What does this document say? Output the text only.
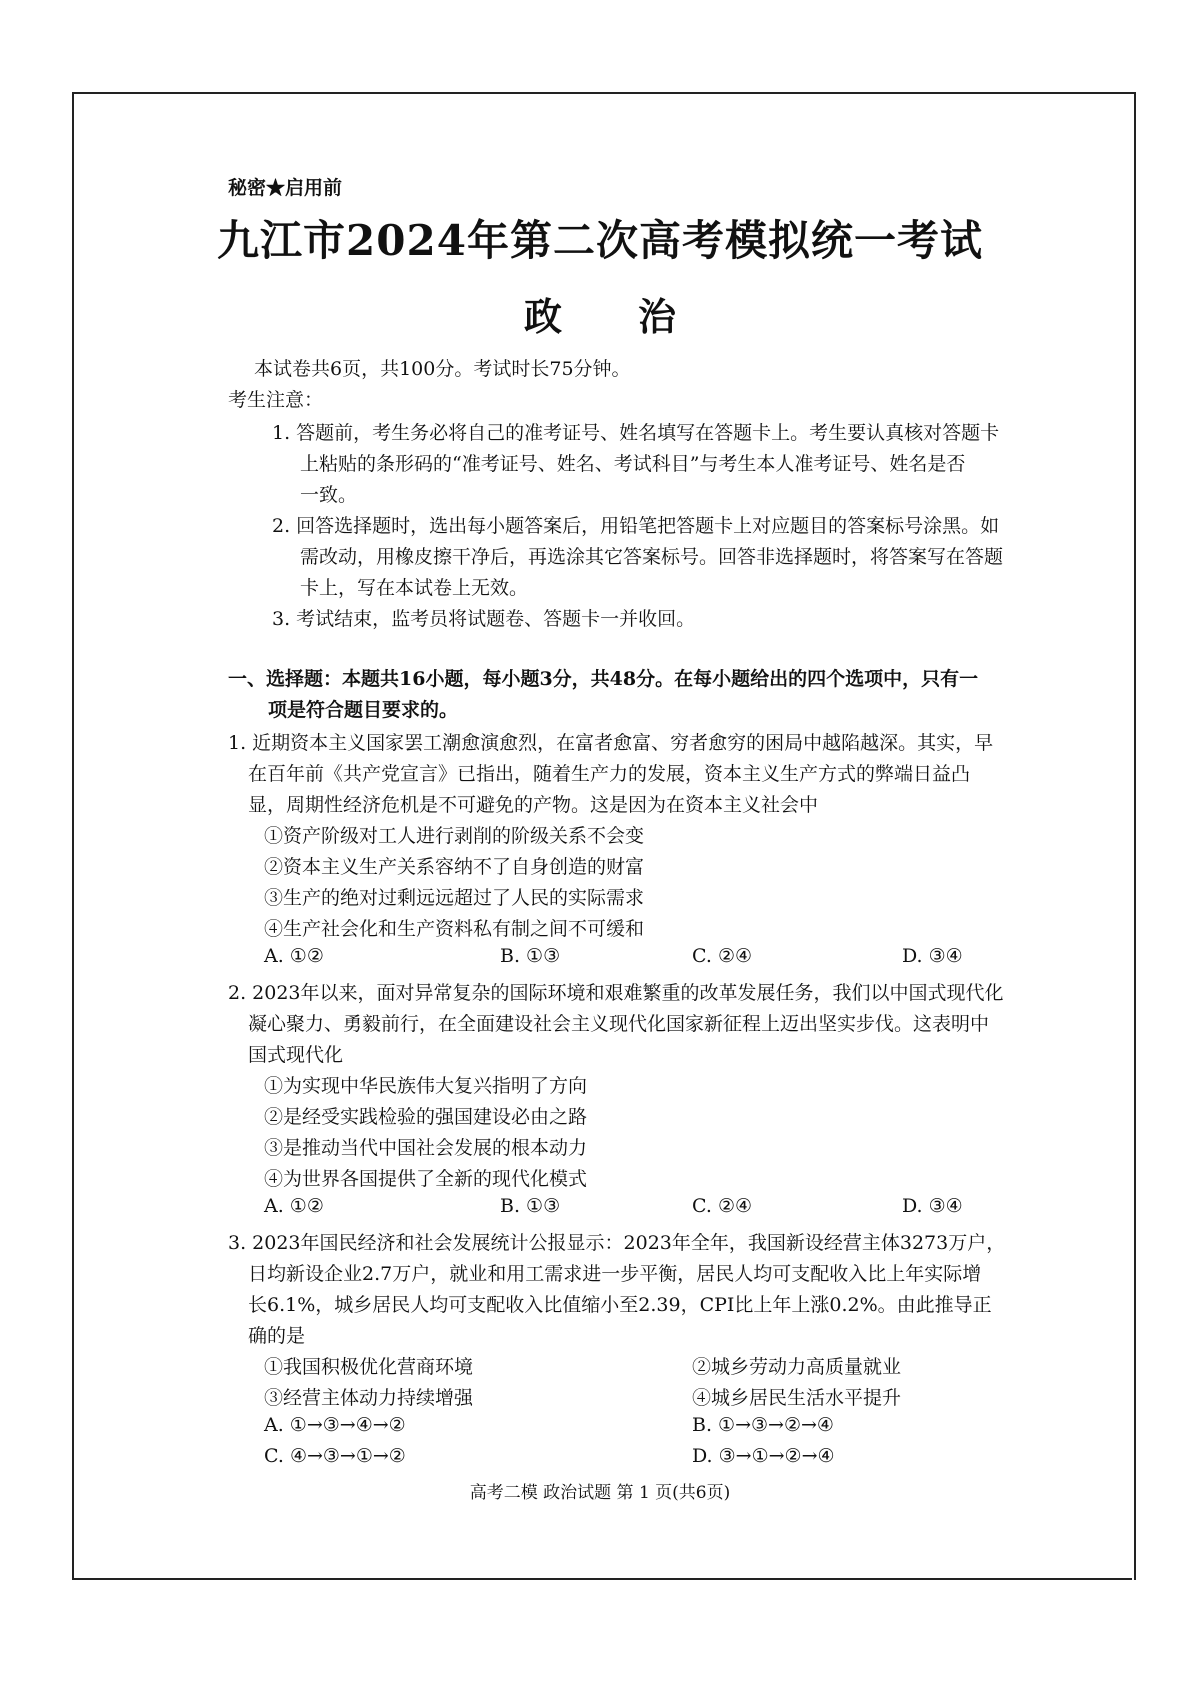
秘密★启用前
九江市2024年第二次高考模拟统一考试
政 治
本试卷共6页，共100分。考试时长75分钟。
考生注意：
1. 答题前，考生务必将自己的准考证号、姓名填写在答题卡上。考生要认真核对答题卡
上粘贴的条形码的“准考证号、姓名、考试科目”与考生本人准考证号、姓名是否
一致。
2. 回答选择题时，选出每小题答案后，用铅笔把答题卡上对应题目的答案标号涂黑。如
需改动，用橡皮擦干净后，再选涂其它答案标号。回答非选择题时，将答案写在答题
卡上，写在本试卷上无效。
3. 考试结束，监考员将试题卷、答题卡一并收回。
一、选择题：本题共16小题，每小题3分，共48分。在每小题给出的四个选项中，只有一
项是符合题目要求的。
1. 近期资本主义国家罢工潮愈演愈烈，在富者愈富、穷者愈穷的困局中越陷越深。其实，早
在百年前《共产党宣言》已指出，随着生产力的发展，资本主义生产方式的弊端日益凸
显，周期性经济危机是不可避免的产物。这是因为在资本主义社会中
①资产阶级对工人进行剥削的阶级关系不会变
②资本主义生产关系容纳不了自身创造的财富
③生产的绝对过剩远远超过了人民的实际需求
④生产社会化和生产资料私有制之间不可缓和
A. ①②	B. ①③	C. ②④	D. ③④
2. 2023年以来，面对异常复杂的国际环境和艰难繁重的改革发展任务，我们以中国式现代化
凝心聚力、勇毅前行，在全面建设社会主义现代化国家新征程上迈出坚实步伐。这表明中
国式现代化
①为实现中华民族伟大复兴指明了方向
②是经受实践检验的强国建设必由之路
③是推动当代中国社会发展的根本动力
④为世界各国提供了全新的现代化模式
A. ①②	B. ①③	C. ②④	D. ③④
3. 2023年国民经济和社会发展统计公报显示：2023年全年，我国新设经营主体3273万户，
日均新设企业2.7万户，就业和用工需求进一步平衡，居民人均可支配收入比上年实际增
长6.1%，城乡居民人均可支配收入比值缩小至2.39，CPI比上年上涨0.2%。由此推导正
确的是
①我国积极优化营商环境	②城乡劳动力高质量就业
③经营主体动力持续增强	④城乡居民生活水平提升
A. ①→③→④→②	B. ①→③→②→④
C. ④→③→①→②	D. ③→①→②→④
高考二模 政治试题 第 1 页(共6页)
